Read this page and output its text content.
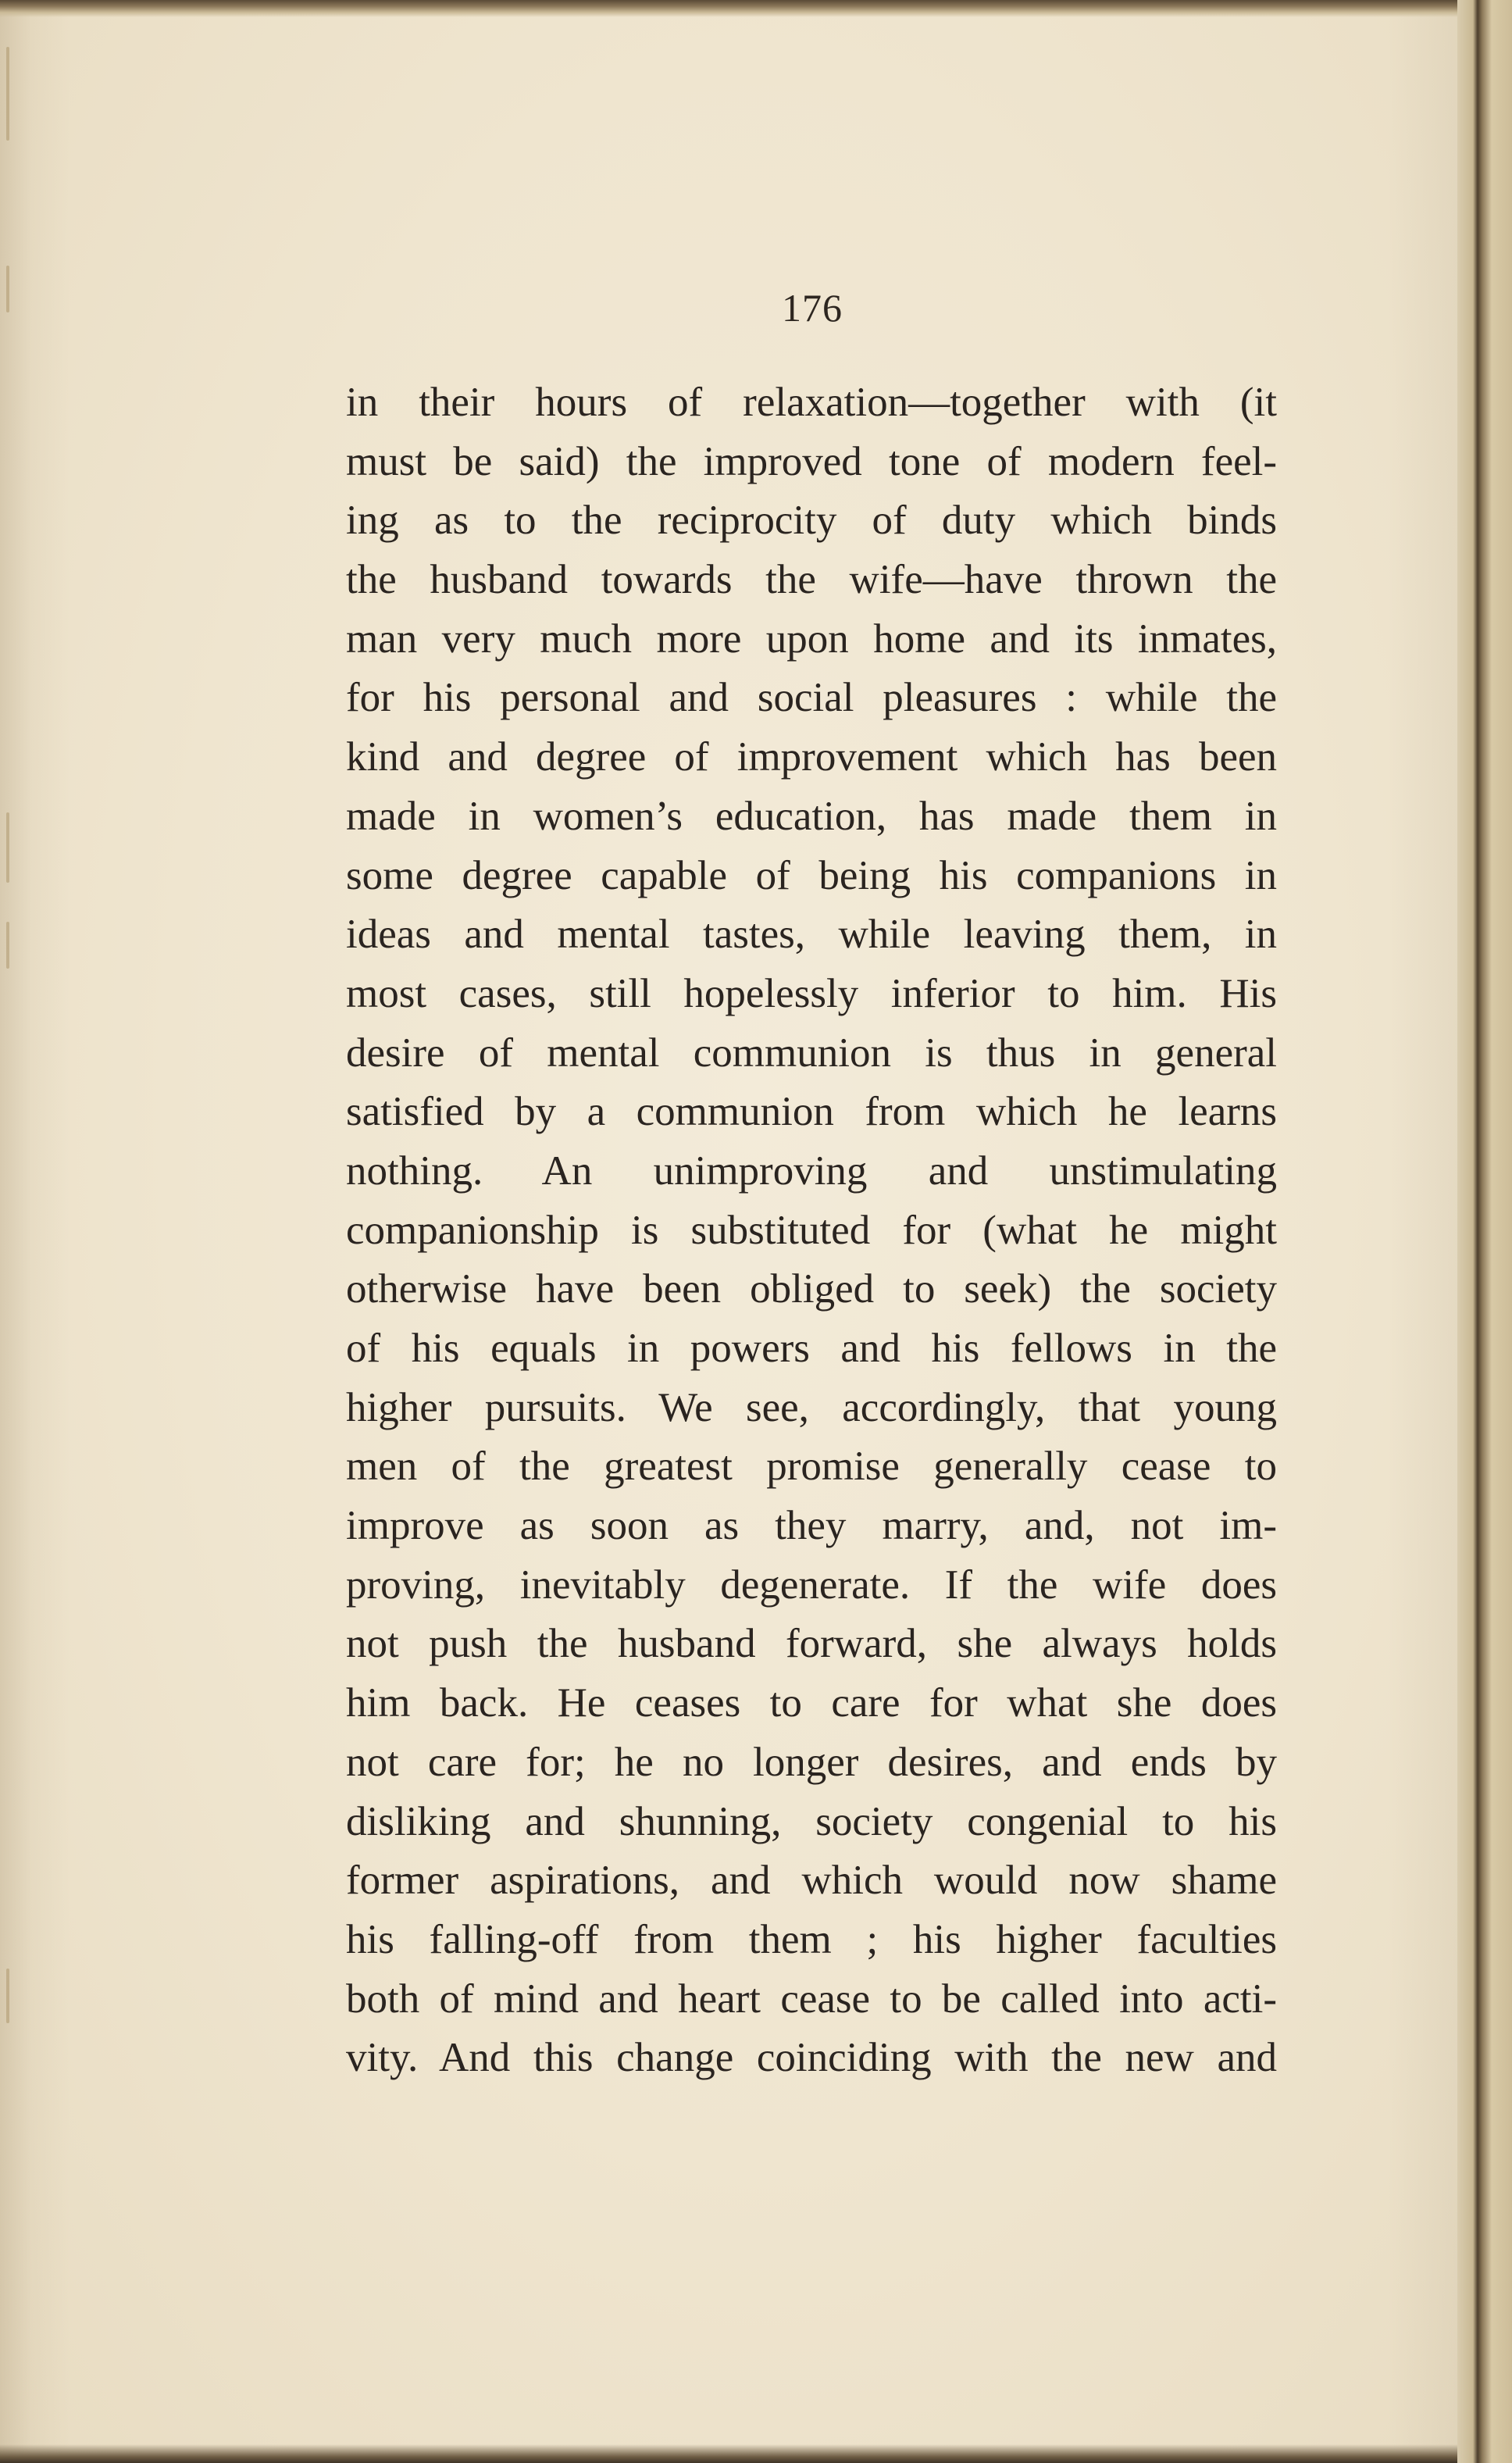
176
in their hours of relaxation—together with (it
must be said) the improved tone of modern feel-
ing as to the reciprocity of duty which binds
the husband towards the wife—have thrown the
man very much more upon home and its inmates,
for his personal and social pleasures : while the
kind and degree of improvement which has been
made in women’s education, has made them in
some degree capable of being his companions in
ideas and mental tastes, while leaving them, in
most cases, still hopelessly inferior to him. His
desire of mental communion is thus in general
satisfied by a communion from which he learns
nothing. An unimproving and unstimulating
companionship is substituted for (what he might
otherwise have been obliged to seek) the society
of his equals in powers and his fellows in the
higher pursuits. We see, accordingly, that young
men of the greatest promise generally cease to
improve as soon as they marry, and, not im-
proving, inevitably degenerate. If the wife does
not push the husband forward, she always holds
him back. He ceases to care for what she does
not care for; he no longer desires, and ends by
disliking and shunning, society congenial to his
former aspirations, and which would now shame
his falling-off from them ; his higher faculties
both of mind and heart cease to be called into acti-
vity. And this change coinciding with the new and
